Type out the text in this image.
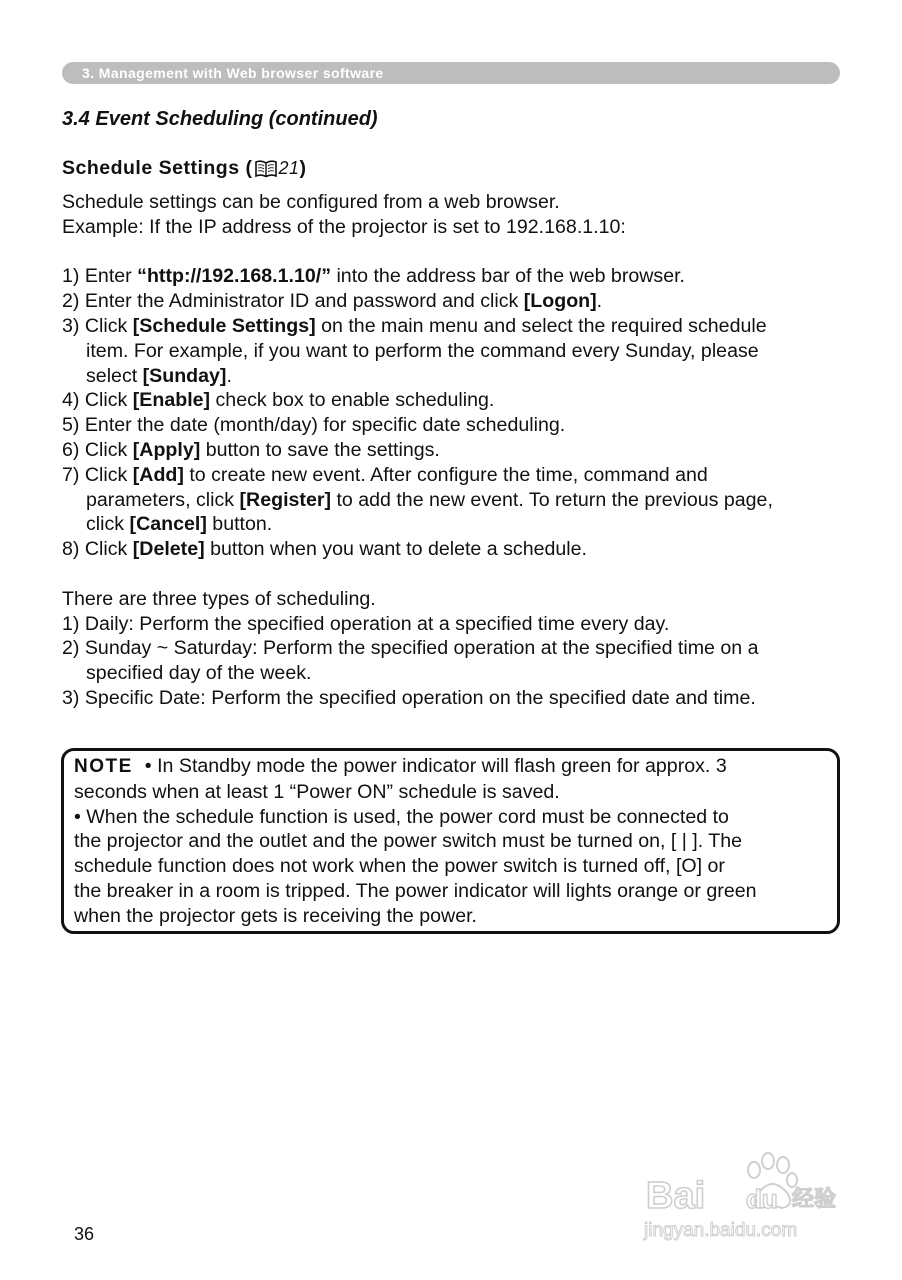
3. Management with Web browser software
3.4 Event Scheduling (continued)
Schedule Settings ( 21 )
Schedule settings can be configured from a web browser.
Example: If the IP address of the projector is set to 192.168.1.10:
1) Enter “http://192.168.1.10/” into the address bar of the web browser.
2) Enter the Administrator ID and password and click [Logon].
3) Click [Schedule Settings] on the main menu and select the required schedule
item. For example, if you want to perform the command every Sunday, please
select [Sunday].
4) Click [Enable] check box to enable scheduling.
5) Enter the date (month/day) for specific date scheduling.
6) Click [Apply] button to save the settings.
7) Click [Add] to create new event. After configure the time, command and
parameters, click [Register] to add the new event. To return the previous page,
click [Cancel] button.
8) Click [Delete] button when you want to delete a schedule.
There are three types of scheduling.
1) Daily: Perform the specified operation at a specified time every day.
2) Sunday ~ Saturday: Perform the specified operation at the specified time on a
specified day of the week.
3) Specific Date: Perform the specified operation on the specified date and time.
NOTE • In Standby mode the power indicator will flash green for approx. 3
seconds when at least 1 “Power ON” schedule is saved.
• When the schedule function is used, the power cord must be connected to
the projector and the outlet and the power switch must be turned on, [ | ]. The
schedule function does not work when the power switch is turned off, [O] or
the breaker in a room is tripped. The power indicator will lights orange or green
when the projector gets is receiving the power.
36
Bai du 经验
jingyan.baidu.com
